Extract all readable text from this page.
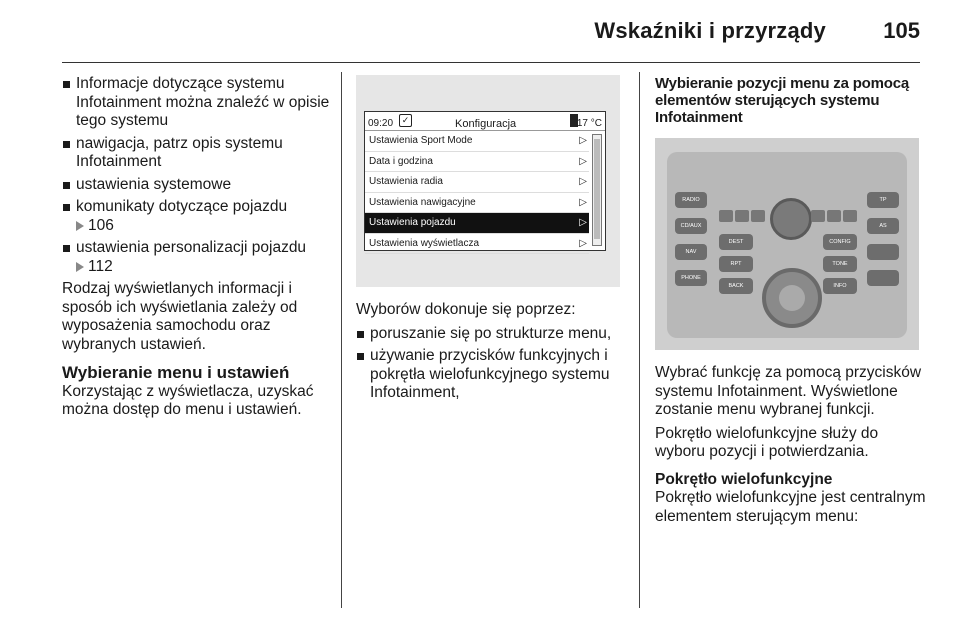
Wskaźniki i przyrządy	105
Informacje dotyczące systemu Infotainment można znaleźć w opisie tego systemu
nawigacja, patrz opis systemu Infotainment
ustawienia systemowe
komunikaty dotyczące pojazdu
106
ustawienia personalizacji pojazdu
112

Rodzaj wyświetlanych informacji i sposób ich wyświetlania zależy od wyposażenia samochodu oraz wybranych ustawień.

Wybieranie menu i ustawień

Korzystając z wyświetlacza, uzyskać można dostęp do menu i ustawień.

09:20 ✓	Konfiguracja	17 °C
Ustawienia Sport Mode	▷
Data i godzina	▷
Ustawienia radia	▷
Ustawienia nawigacyjne	▷
Ustawienia pojazdu	▷
Ustawienia wyświetlacza	▷

Wyborów dokonuje się poprzez:

poruszanie się po strukturze menu,
używanie przycisków funkcyjnych i pokrętła wielofunkcyjnego systemu Infotainment,
Wybieranie pozycji menu za pomocą elementów sterujących systemu Infotainment
RADIO
CD/AUX
NAV
PHONE
TP
AS
DEST
RPT
BACK
CONFIG
TONE
INFO

Wybrać funkcję za pomocą przycisków systemu Infotainment. Wyświetlone zostanie menu wybranej funkcji.

Pokrętło wielofunkcyjne służy do wyboru pozycji i potwierdzania.

Pokrętło wielofunkcyjne

Pokrętło wielofunkcyjne jest centralnym elementem sterującym menu:
